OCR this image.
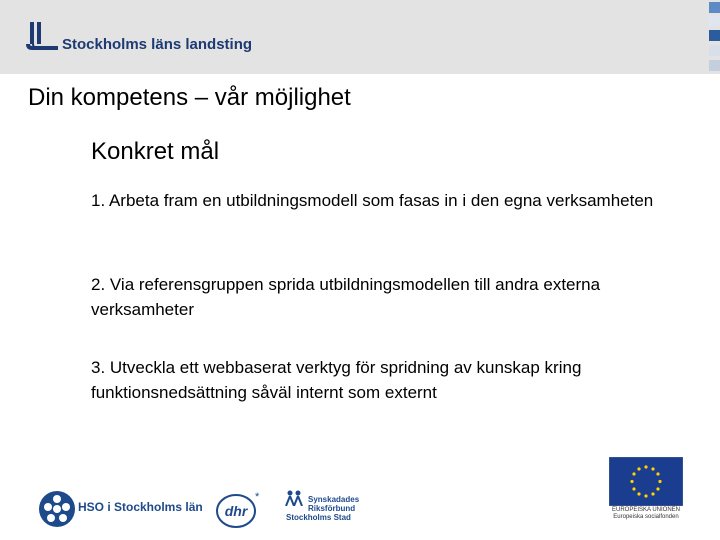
Stockholms läns landsting
Din kompetens – vår möjlighet
Konkret mål
1. Arbeta fram en utbildningsmodell som fasas in i den egna verksamheten
2. Via referensgruppen sprida utbildningsmodellen till andra externa verksamheter
3. Utveckla ett webbaserat verktyg för spridning av kunskap kring funktionsnedsättning såväl internt som externt
HSO i Stockholms län dhr
*	Synskadades
Riksförbund
Stockholms Stad
EUROPEISKA UNIONEN
Europeiska socialfonden
